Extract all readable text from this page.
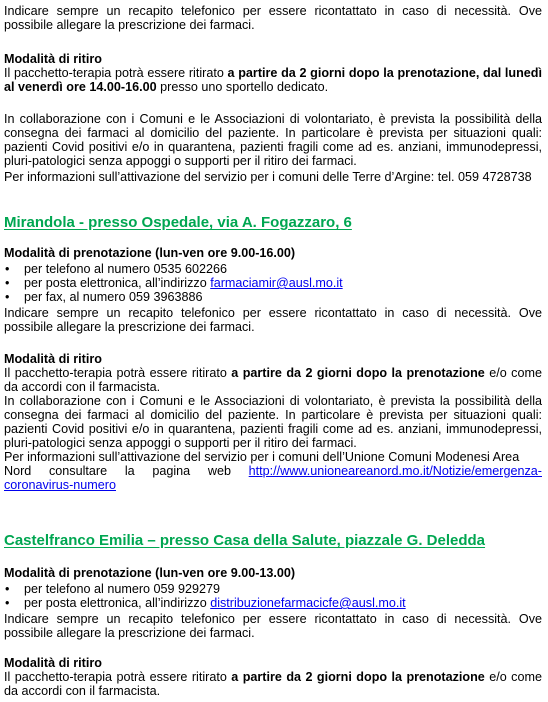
Indicare sempre un recapito telefonico per essere ricontattato in caso di necessità. Ove possibile allegare la prescrizione dei farmaci.

Modalità di ritiro

Il pacchetto-terapia potrà essere ritirato a partire da 2 giorni dopo la prenotazione, dal lunedì al venerdì ore 14.00-16.00 presso uno sportello dedicato.

In collaborazione con i Comuni e le Associazioni di volontariato, è prevista la possibilità della consegna dei farmaci al domicilio del paziente. In particolare è prevista per situazioni quali: pazienti Covid positivi e/o in quarantena, pazienti fragili come ad es. anziani, immunodepressi, pluri-patologici senza appoggi o supporti per il ritiro dei farmaci.

Per informazioni sull’attivazione del servizio per i comuni delle Terre d’Argine: tel. 059 4728738

Mirandola - presso Ospedale, via A. Fogazzaro, 6

Modalità di prenotazione (lun-ven ore 9.00-16.00)

• per telefono al numero 0535 602266
• per posta elettronica, all’indirizzo farmaciamir@ausl.mo.it
• per fax, al numero 059 3963886

Indicare sempre un recapito telefonico per essere ricontattato in caso di necessità. Ove possibile allegare la prescrizione dei farmaci.

Modalità di ritiro

Il pacchetto-terapia potrà essere ritirato a partire da 2 giorni dopo la prenotazione e/o come da accordi con il farmacista.

In collaborazione con i Comuni e le Associazioni di volontariato, è prevista la possibilità della consegna dei farmaci al domicilio del paziente. In particolare è prevista per situazioni quali: pazienti Covid positivi e/o in quarantena, pazienti fragili come ad es. anziani, immunodepressi, pluri-patologici senza appoggi o supporti per il ritiro dei farmaci.

Per informazioni sull’attivazione del servizio per i comuni dell’Unione Comuni Modenesi Area
Nord consultare la pagina web http://www.unioneareanord.mo.it/Notizie/emergenza-
coronavirus-numero
Castelfranco Emilia – presso Casa della Salute, piazzale G. Deledda

Modalità di prenotazione (lun-ven ore 9.00-13.00)

• per telefono al numero 059 929279
• per posta elettronica, all’indirizzo distribuzionefarmacicfe@ausl.mo.it

Indicare sempre un recapito telefonico per essere ricontattato in caso di necessità. Ove possibile allegare la prescrizione dei farmaci.

Modalità di ritiro

Il pacchetto-terapia potrà essere ritirato a partire da 2 giorni dopo la prenotazione e/o come da accordi con il farmacista.
